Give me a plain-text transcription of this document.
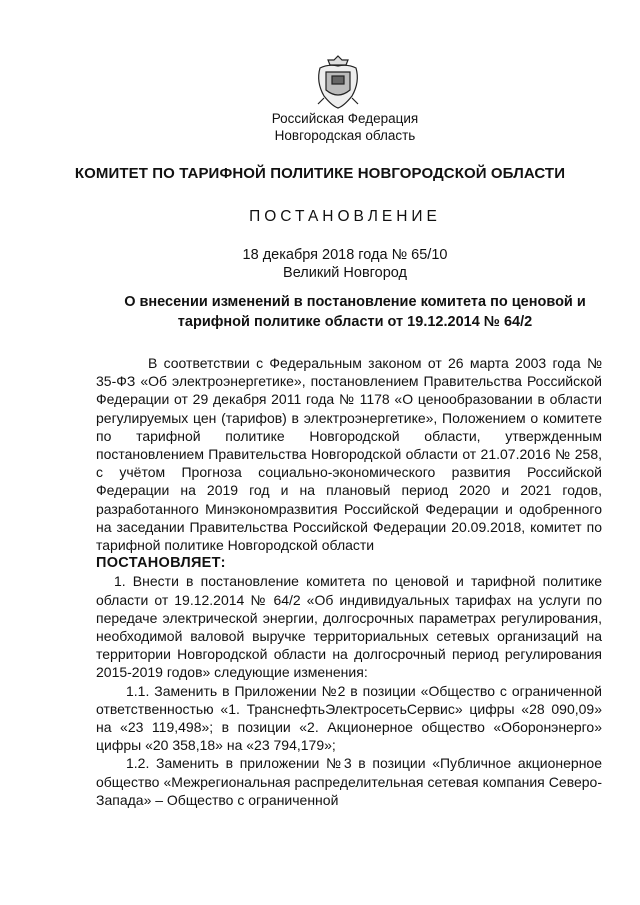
Российская Федерация
Новгородская область
КОМИТЕТ ПО ТАРИФНОЙ ПОЛИТИКЕ НОВГОРОДСКОЙ ОБЛАСТИ
ПОСТАНОВЛЕНИЕ
18 декабря 2018 года № 65/10
Великий Новгород
О внесении изменений в постановление комитета по ценовой и тарифной политике области от 19.12.2014 № 64/2

В соответствии с Федеральным законом от 26 марта 2003 года № 35-ФЗ «Об электроэнергетике», постановлением Правительства Российской Федерации от 29 декабря 2011 года № 1178 «О ценообразовании в области регулируемых цен (тарифов) в электроэнергетике», Положением о комитете по тарифной политике Новгородской области, утвержденным постановлением Правительства Новгородской области от 21.07.2016 № 258, с учётом Прогноза социально-экономического развития Российской Федерации на 2019 год и на плановый период 2020 и 2021 годов, разработанного Минэкономразвития Российской Федерации и одобренного на заседании Правительства Российской Федерации 20.09.2018, комитет по тарифной политике Новгородской области

ПОСТАНОВЛЯЕТ:

1. Внести в постановление комитета по ценовой и тарифной политике области от 19.12.2014 № 64/2 «Об индивидуальных тарифах на услуги по передаче электрической энергии, долгосрочных параметрах регулирования, необходимой валовой выручке территориальных сетевых организаций на территории Новгородской области на долгосрочный период регулирования 2015-2019 годов» следующие изменения:

1.1. Заменить в Приложении №2 в позиции «Общество с ограниченной ответственностью «1. ТранснефтьЭлектросетьСервис» цифры «28 090,09» на «23 119,498»; в позиции «2. Акционерное общество «Оборонэнерго» цифры «20 358,18» на «23 794,179»;

1.2. Заменить в приложении №3 в позиции «Публичное акционерное общество «Межрегиональная распределительная сетевая компания Северо-Запада» – Общество с ограниченной
